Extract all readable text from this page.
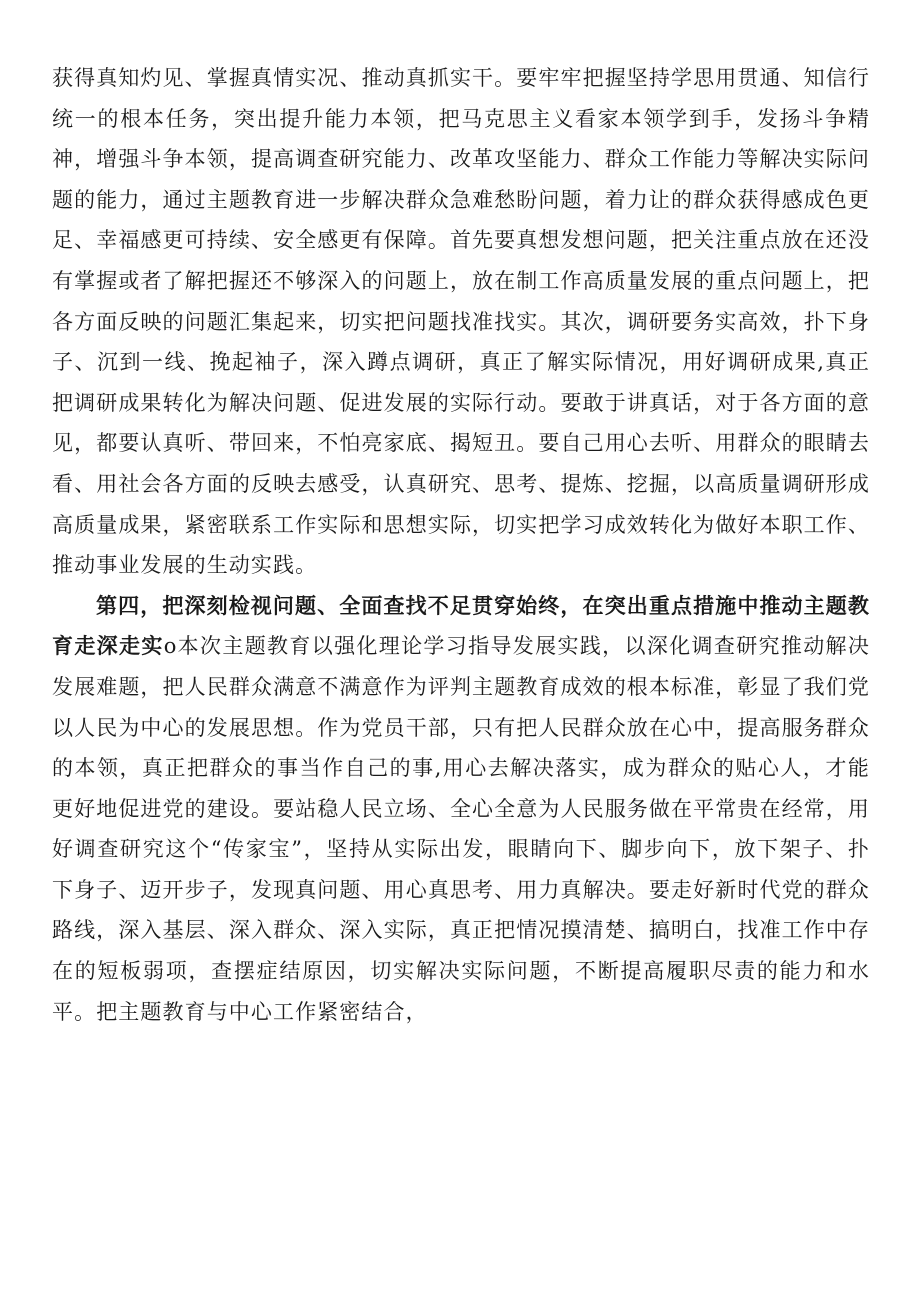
获得真知灼见、掌握真情实况、推动真抓实干。要牢牢把握坚持学思用贯通、知信行统一的根本任务，突出提升能力本领，把马克思主义看家本领学到手，发扬斗争精神，增强斗争本领，提高调查研究能力、改革攻坚能力、群众工作能力等解决实际问题的能力，通过主题教育进一步解决群众急难愁盼问题，着力让的群众获得感成色更足、幸福感更可持续、安全感更有保障。首先要真想发想问题，把关注重点放在还没有掌握或者了解把握还不够深入的问题上，放在制工作高质量发展的重点问题上，把各方面反映的问题汇集起来，切实把问题找准找实。其次，调研要务实高效，扑下身子、沉到一线、挽起袖子，深入蹲点调研，真正了解实际情况，用好调研成果,真正把调研成果转化为解决问题、促进发展的实际行动。要敢于讲真话，对于各方面的意见，都要认真听、带回来，不怕亮家底、揭短丑。要自己用心去听、用群众的眼睛去看、用社会各方面的反映去感受，认真研究、思考、提炼、挖掘，以高质量调研形成高质量成果，紧密联系工作实际和思想实际，切实把学习成效转化为做好本职工作、推动事业发展的生动实践。

第四，把深刻检视问题、全面查找不足贯穿始终，在突出重点措施中推动主题教育走深走实o本次主题教育以强化理论学习指导发展实践，以深化调查研究推动解决发展难题，把人民群众满意不满意作为评判主题教育成效的根本标准，彰显了我们党以人民为中心的发展思想。作为党员干部，只有把人民群众放在心中，提高服务群众的本领，真正把群众的事当作自己的事,用心去解决落实，成为群众的贴心人，才能更好地促进党的建设。要站稳人民立场、全心全意为人民服务做在平常贵在经常，用好调查研究这个“传家宝”，坚持从实际出发，眼睛向下、脚步向下，放下架子、扑下身子、迈开步子，发现真问题、用心真思考、用力真解决。要走好新时代党的群众路线，深入基层、深入群众、深入实际，真正把情况摸清楚、搞明白，找准工作中存在的短板弱项，查摆症结原因，切实解决实际问题，不断提高履职尽责的能力和水平。把主题教育与中心工作紧密结合，
